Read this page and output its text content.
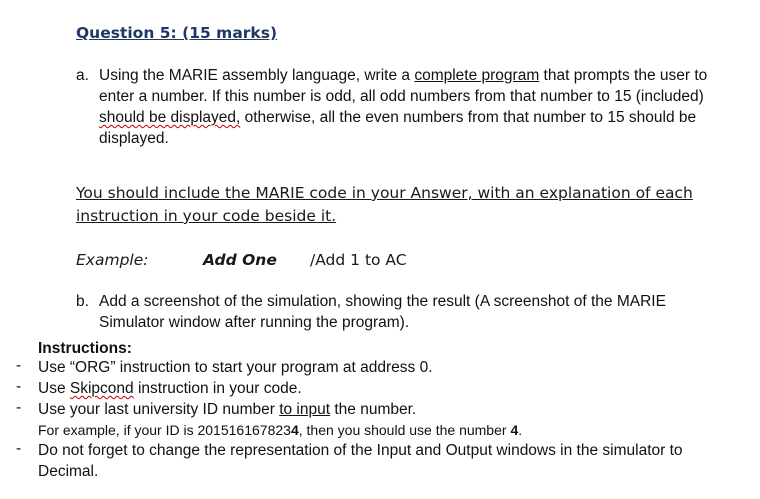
Question 5: (15 marks)
a. Using the MARIE assembly language, write a complete program that prompts the user to enter a number. If this number is odd, all odd numbers from that number to 15 (included) should be displayed, otherwise, all the even numbers from that number to 15 should be displayed.
You should include the MARIE code in your Answer, with an explanation of each instruction in your code beside it.
Example:	Add One /Add 1 to AC
b. Add a screenshot of the simulation, showing the result (A screenshot of the MARIE Simulator window after running the program).
Instructions:
-	Use “ORG” instruction to start your program at address 0.
-	Use Skipcond instruction in your code.
-	Use your last university ID number to input the number.
For example, if your ID is 2015161678234, then you should use the number 4.
-	Do not forget to change the representation of the Input and Output windows in the simulator to Decimal.
